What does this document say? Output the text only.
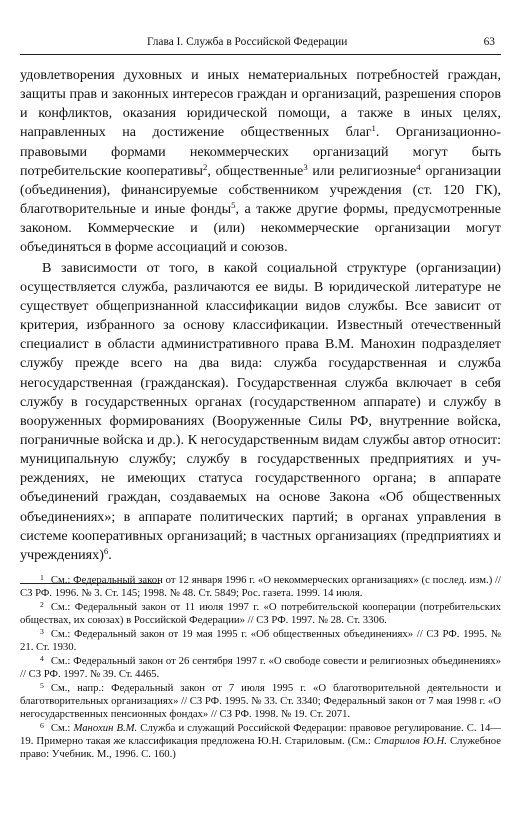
Глава I. Служба в Российской Федерации	63

удовлетворения духовных и иных нематериальных потребностей граждан, защиты прав и законных интересов граждан и организаций, разрешения споров и конфликтов, оказания юридической помощи, а также в иных целях, направленных на достижение общественных благ$^1$. Организационно-правовыми формами некоммерческих организаций могут быть потребительские кооперативы$^2$, общественные$^3$ или религиозные$^4$ организации (объединения), финансируемые собственником учреждения (ст. 120 ГК), благотворительные и иные фонды$^5$, а также другие формы, предусмотренные законом. Коммерческие и (или) некоммерческие организации могут объединяться в форме ассоциаций и союзов.

В зависимости от того, в какой социальной структуре (организации) осуществляется служба, различаются ее виды. В юридической литературе не существует общепризнанной классификации видов службы. Все зависит от критерия, избранного за основу классификации. Известный отечественный специалист в области административного права В.М. Манохин подразделяет службу прежде всего на два вида: служба государственная и служба негосударственная (гражданская). Государственная служба включает в себя службу в государственных органах (государственном аппарате) и службу в вооруженных формированиях (Вооруженные Силы РФ, внутренние войска, пограничные войска и др.). К негосударственным видам службы автор относит: муниципальную службу; службу в государственных предприятиях и учреждениях, не имеющих статуса государственного органа; в аппарате объединений граждан, создаваемых на основе Закона «Об общественных объединениях»; в аппарате политических партий; в органах управления в системе кооперативных организаций; в частных организациях (предприятиях и учреждениях)$^6$.

1 См.: Федеральный закон от 12 января 1996 г. «О некоммерческих организациях» (с послед. изм.) // СЗ РФ. 1996. № 3. Ст. 145; 1998. № 48. Ст. 5849; Рос. газета. 1999. 14 июля.

2 См.: Федеральный закон от 11 июля 1997 г. «О потребительской кооперации (потребительских обществах, их союзах) в Российской Федерации» // СЗ РФ. 1997. № 28. Ст. 3306.

3 См.: Федеральный закон от 19 мая 1995 г. «Об общественных объединениях» // СЗ РФ. 1995. № 21. Ст. 1930.

4 См.: Федеральный закон от 26 сентября 1997 г. «О свободе совести и религиозных объединениях» // СЗ РФ. 1997. № 39. Ст. 4465.

5 См., напр.: Федеральный закон от 7 июля 1995 г. «О благотворительной деятельности и благотворительных организациях» // СЗ РФ. 1995. № 33. Ст. 3340; Федеральный закон от 7 мая 1998 г. «О негосударственных пенсионных фондах» // СЗ РФ. 1998. № 19. Ст. 2071.

6 См.: Манохин В.М. Служба и служащий Российской Федерации: правовое регулирование. С. 14—19. Примерно такая же классификация предложена Ю.Н. Стариловым. (См.: Старилов Ю.Н. Служебное право: Учебник. М., 1996. С. 160.)
